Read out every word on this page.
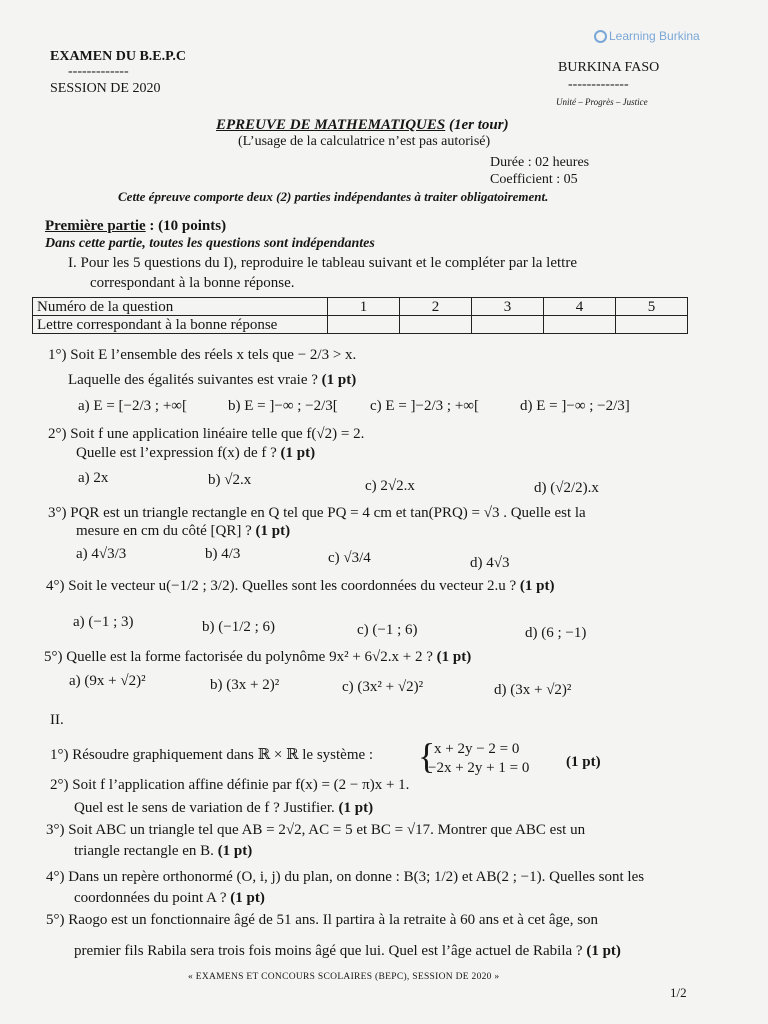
EXAMEN DU B.E.P.C
-------------
SESSION DE 2020
Learning Burkina
BURKINA FASO
-------------
Unité – Progrès – Justice
EPREUVE DE MATHEMATIQUES (1er tour)
(L’usage de la calculatrice n’est pas autorisé)
Durée : 02 heures
Coefficient : 05
Cette épreuve comporte deux (2) parties indépendantes à traiter obligatoirement.
Première partie : (10 points)
Dans cette partie, toutes les questions sont indépendantes
I. Pour les 5 questions du I), reproduire le tableau suivant et le compléter par la lettre
correspondant à la bonne réponse.
Numéro de la question	1	2	3	4	5
Lettre correspondant à la bonne réponse					
1°) Soit E l’ensemble des réels x tels que − 2/3 > x.
Laquelle des égalités suivantes est vraie ? (1 pt)
a) E = [−2/3 ; +∞[	b) E = ]−∞ ; −2/3[ c) E = ]−2/3 ; +∞[	d) E = ]−∞ ; −2/3]
2°) Soit f une application linéaire telle que f(√2) = 2.
Quelle est l’expression f(x) de f ? (1 pt)
a) 2x	b) √2.x	c) 2√2.x	d) (√2/2).x
3°) PQR est un triangle rectangle en Q tel que PQ = 4 cm et tan(PRQ) = √3 . Quelle est la
mesure en cm du côté [QR] ? (1 pt)
a) 4√3/3	b) 4/3	c) √3/4	d) 4√3
4°) Soit le vecteur u(−1/2 ; 3/2). Quelles sont les coordonnées du vecteur 2.u ? (1 pt)
a) (−1 ; 3)	b) (−1/2 ; 6)	c) (−1 ; 6)	d) (6 ; −1)
5°) Quelle est la forme factorisée du polynôme 9x² + 6√2.x + 2 ? (1 pt)
a) (9x + √2)²	b) (3x + 2)²	c) (3x² + √2)²	d) (3x + √2)²
II.
1°) Résoudre graphiquement dans ℝ × ℝ le système : {
x + 2y − 2 = 0
−2x + 2y + 1 = 0 (1 pt)
2°) Soit f l’application affine définie par f(x) = (2 − π)x + 1.
Quel est le sens de variation de f ? Justifier. (1 pt)
3°) Soit ABC un triangle tel que AB = 2√2, AC = 5 et BC = √17. Montrer que ABC est un
triangle rectangle en B. (1 pt)
4°) Dans un repère orthonormé (O, i, j) du plan, on donne : B(3; 1/2) et AB(2 ; −1). Quelles sont les
coordonnées du point A ? (1 pt)
5°) Raogo est un fonctionnaire âgé de 51 ans. Il partira à la retraite à 60 ans et à cet âge, son
premier fils Rabila sera trois fois moins âgé que lui. Quel est l’âge actuel de Rabila ? (1 pt)
« EXAMENS ET CONCOURS SCOLAIRES (BEPC), SESSION DE 2020 »
1/2
